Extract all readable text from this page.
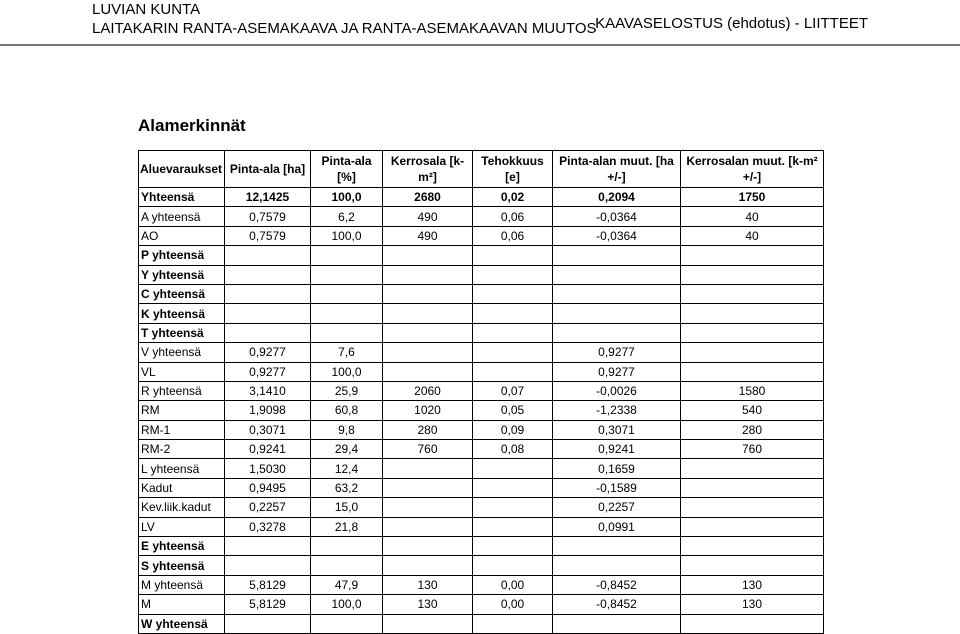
LUVIAN KUNTA
LAITAKARIN RANTA-ASEMAKAAVA JA RANTA-ASEMAKAAVAN MUUTOS
KAAVASELOSTUS (ehdotus) - LIITTEET
Alamerkinnät
Aluevaraukset	Pinta-ala [ha]	Pinta-ala [%]	Kerrosala [k-m²]	Tehokkuus [e]	Pinta-alan muut. [ha +/-]	Kerrosalan muut. [k-m² +/-]
Yhteensä	12,1425	100,0	2680	0,02	0,2094	1750
A yhteensä	0,7579	6,2	490	0,06	-0,0364	40
AO	0,7579	100,0	490	0,06	-0,0364	40
P yhteensä						
Y yhteensä						
C yhteensä						
K yhteensä						
T yhteensä						
V yhteensä	0,9277	7,6			0,9277	
VL	0,9277	100,0			0,9277	
R yhteensä	3,1410	25,9	2060	0,07	-0,0026	1580
RM	1,9098	60,8	1020	0,05	-1,2338	540
RM-1	0,3071	9,8	280	0,09	0,3071	280
RM-2	0,9241	29,4	760	0,08	0,9241	760
L yhteensä	1,5030	12,4			0,1659	
Kadut	0,9495	63,2			-0,1589	
Kev.liik.kadut	0,2257	15,0			0,2257	
LV	0,3278	21,8			0,0991	
E yhteensä						
S yhteensä						
M yhteensä	5,8129	47,9	130	0,00	-0,8452	130
M	5,8129	100,0	130	0,00	-0,8452	130
W yhteensä						
